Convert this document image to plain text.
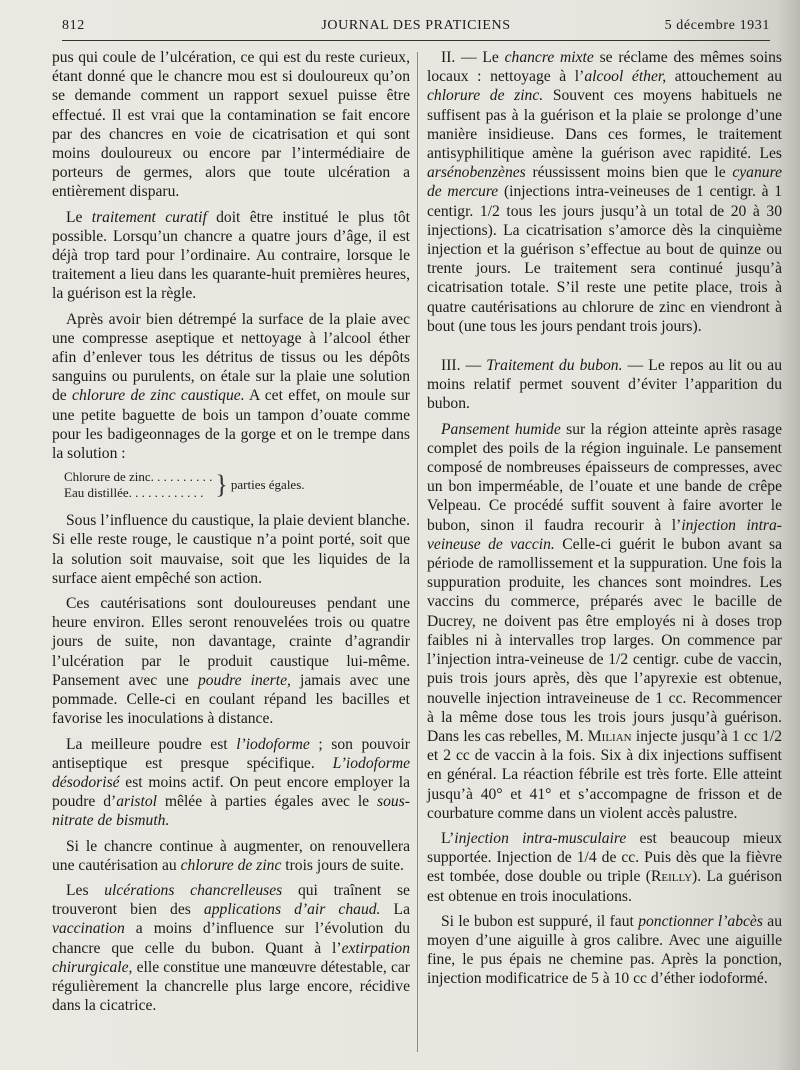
812	JOURNAL DES PRATICIENS	5 décembre 1931

pus qui coule de l’ulcération, ce qui est du reste curieux, étant donné que le chancre mou est si douloureux qu’on se demande comment un rapport sexuel puisse être effectué. Il est vrai que la contamination se fait encore par des chancres en voie de cicatrisation et qui sont moins douloureux ou encore par l’intermédiaire de porteurs de germes, alors que toute ulcération a entièrement disparu.

Le traitement curatif doit être institué le plus tôt possible. Lorsqu’un chancre a quatre jours d’âge, il est déjà trop tard pour l’ordinaire. Au contraire, lorsque le traitement a lieu dans les quarante-huit premières heures, la guérison est la règle.

Après avoir bien détrempé la surface de la plaie avec une compresse aseptique et nettoyage à l’alcool éther afin d’enlever tous les détritus de tissus ou les dépôts sanguins ou purulents, on étale sur la plaie une solution de chlorure de zinc caustique. A cet effet, on moule sur une petite baguette de bois un tampon d’ouate comme pour les badigeonnages de la gorge et on le trempe dans la solution :

Chlorure de zinc. . . . . . . . . .	}	parties égales.
Eau distillée. . . . . . . . . . . .

Sous l’influence du caustique, la plaie devient blanche. Si elle reste rouge, le caustique n’a point porté, soit que la solution soit mauvaise, soit que les liquides de la surface aient empêché son action.

Ces cautérisations sont douloureuses pendant une heure environ. Elles seront renouvelées trois ou quatre jours de suite, non davantage, crainte d’agrandir l’ulcération par le produit caustique lui-même. Pansement avec une poudre inerte, jamais avec une pommade. Celle-ci en coulant répand les bacilles et favorise les inoculations à distance.

La meilleure poudre est l’iodoforme ; son pouvoir antiseptique est presque spécifique. L’iodoforme désodorisé est moins actif. On peut encore employer la poudre d’aristol mêlée à parties égales avec le sous-nitrate de bismuth.

Si le chancre continue à augmenter, on renouvellera une cautérisation au chlorure de zinc trois jours de suite.

Les ulcérations chancrelleuses qui traînent se trouveront bien des applications d’air chaud. La vaccination a moins d’influence sur l’évolution du chancre que celle du bubon. Quant à l’extirpation chirurgicale, elle constitue une manœuvre détestable, car régulièrement la chancrelle plus large encore, récidive dans la cicatrice.

II. — Le chancre mixte se réclame des mêmes soins locaux : nettoyage à l’alcool éther, attouchement au chlorure de zinc. Souvent ces moyens habituels ne suffisent pas à la guérison et la plaie se prolonge d’une manière insidieuse. Dans ces formes, le traitement antisyphilitique amène la guérison avec rapidité. Les arsénobenzènes réussissent moins bien que le cyanure de mercure (injections intra-veineuses de 1 centigr. à 1 centigr. 1/2 tous les jours jusqu’à un total de 20 à 30 injections). La cicatrisation s’amorce dès la cinquième injection et la guérison s’effectue au bout de quinze ou trente jours. Le traitement sera continué jusqu’à cicatrisation totale. S’il reste une petite place, trois à quatre cautérisations au chlorure de zinc en viendront à bout (une tous les jours pendant trois jours).

III. — Traitement du bubon. — Le repos au lit ou au moins relatif permet souvent d’éviter l’apparition du bubon.

Pansement humide sur la région atteinte après rasage complet des poils de la région inguinale. Le pansement composé de nombreuses épaisseurs de compresses, avec un bon imperméable, de l’ouate et une bande de crêpe Velpeau. Ce procédé suffit souvent à faire avorter le bubon, sinon il faudra recourir à l’injection intra-veineuse de vaccin. Celle-ci guérit le bubon avant sa période de ramollissement et la suppuration. Une fois la suppuration produite, les chances sont moindres. Les vaccins du commerce, préparés avec le bacille de Ducrey, ne doivent pas être employés ni à doses trop faibles ni à intervalles trop larges. On commence par l’injection intra-veineuse de 1/2 centigr. cube de vaccin, puis trois jours après, dès que l’apyrexie est obtenue, nouvelle injection intraveineuse de 1 cc. Recommencer à la même dose tous les trois jours jusqu’à guérison. Dans les cas rebelles, M. Milian injecte jusqu’à 1 cc 1/2 et 2 cc de vaccin à la fois. Six à dix injections suffisent en général. La réaction fébrile est très forte. Elle atteint jusqu’à 40° et 41° et s’accompagne de frisson et de courbature comme dans un violent accès palustre.

L’injection intra-musculaire est beaucoup mieux supportée. Injection de 1/4 de cc. Puis dès que la fièvre est tombée, dose double ou triple (Reilly). La guérison est obtenue en trois inoculations.

Si le bubon est suppuré, il faut ponctionner l’abcès au moyen d’une aiguille à gros calibre. Avec une aiguille fine, le pus épais ne chemine pas. Après la ponction, injection modificatrice de 5 à 10 cc d’éther iodoformé.
